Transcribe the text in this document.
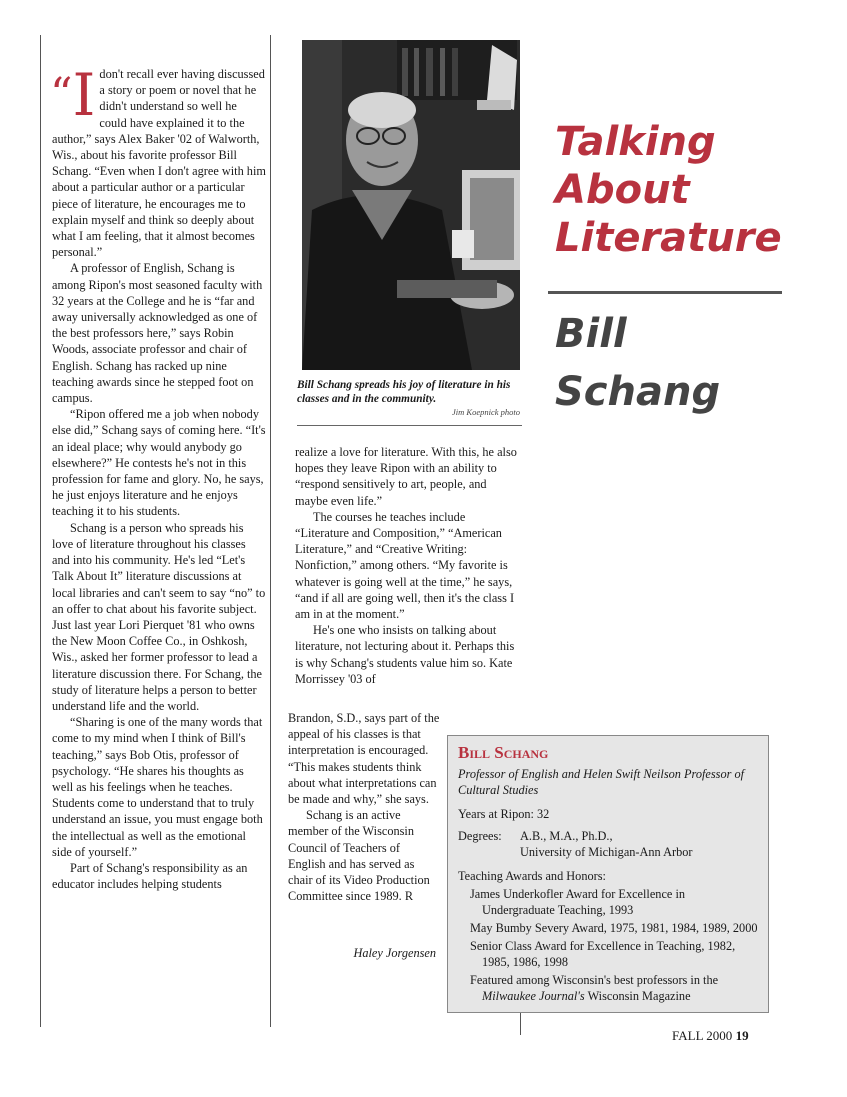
“I don't recall ever having discussed a story or poem or novel that he didn't understand so well he could have explained it to the author,” says Alex Baker '02 of Walworth, Wis., about his favorite professor Bill Schang. “Even when I don't agree with him about a particular author or a particular piece of literature, he encourages me to explain myself and think so deeply about what I am feeling, that it almost becomes personal.”

A professor of English, Schang is among Ripon's most seasoned faculty with 32 years at the College and he is “far and away universally acknowledged as one of the best professors here,” says Robin Woods, associate professor and chair of English. Schang has racked up nine teaching awards since he stepped foot on campus.

“Ripon offered me a job when nobody else did,” Schang says of coming here. “It's an ideal place; why would anybody go elsewhere?” He contests he's not in this profession for fame and glory. No, he says, he just enjoys literature and he enjoys teaching it to his students.

Schang is a person who spreads his love of literature throughout his classes and into his community. He's led “Let's Talk About It” literature discussions at local libraries and can't seem to say “no” to an offer to chat about his favorite subject. Just last year Lori Pierquet '81 who owns the New Moon Coffee Co., in Oshkosh, Wis., asked her former professor to lead a literature discussion there. For Schang, the study of literature helps a person to better understand life and the world.

“Sharing is one of the many words that come to my mind when I think of Bill's teaching,” says Bob Otis, professor of psychology. “He shares his thoughts as well as his feelings when he teaches. Students come to understand that to truly understand an issue, you must engage both the intellectual as well as the emotional side of yourself.”

Part of Schang's responsibility as an educator includes helping students

Bill Schang spreads his joy of literature in his classes and in the community.
Jim Koepnick photo

realize a love for literature. With this, he also hopes they leave Ripon with an ability to “respond sensitively to art, people, and maybe even life.”

The courses he teaches include “Literature and Composition,” “American Literature,” and “Creative Writing: Nonfiction,” among others. “My favorite is whatever is going well at the time,” he says, “and if all are going well, then it's the class I am in at the moment.”

He's one who insists on talking about literature, not lecturing about it. Perhaps this is why Schang's students value him so. Kate Morrissey '03 of

Brandon, S.D., says part of the appeal of his classes is that interpretation is encouraged. “This makes students think about what interpretations can be made and why,” she says.

Schang is an active member of the Wisconsin Council of Teachers of English and has served as chair of its Video Production Committee since 1989. R

Haley Jorgensen
Talking
About
Literature
Bill
Schang
Bill Schang
Professor of English and Helen Swift Neilson Professor of Cultural Studies
Years at Ripon: 32
Degrees:	A.B., M.A., Ph.D.,
University of Michigan-Ann Arbor
Teaching Awards and Honors:
James Underkofler Award for Excellence in Undergraduate Teaching, 1993
May Bumby Severy Award, 1975, 1981, 1984, 1989, 2000
Senior Class Award for Excellence in Teaching, 1982, 1985, 1986, 1998
Featured among Wisconsin's best professors in the Milwaukee Journal's Wisconsin Magazine
FALL 2000 19
